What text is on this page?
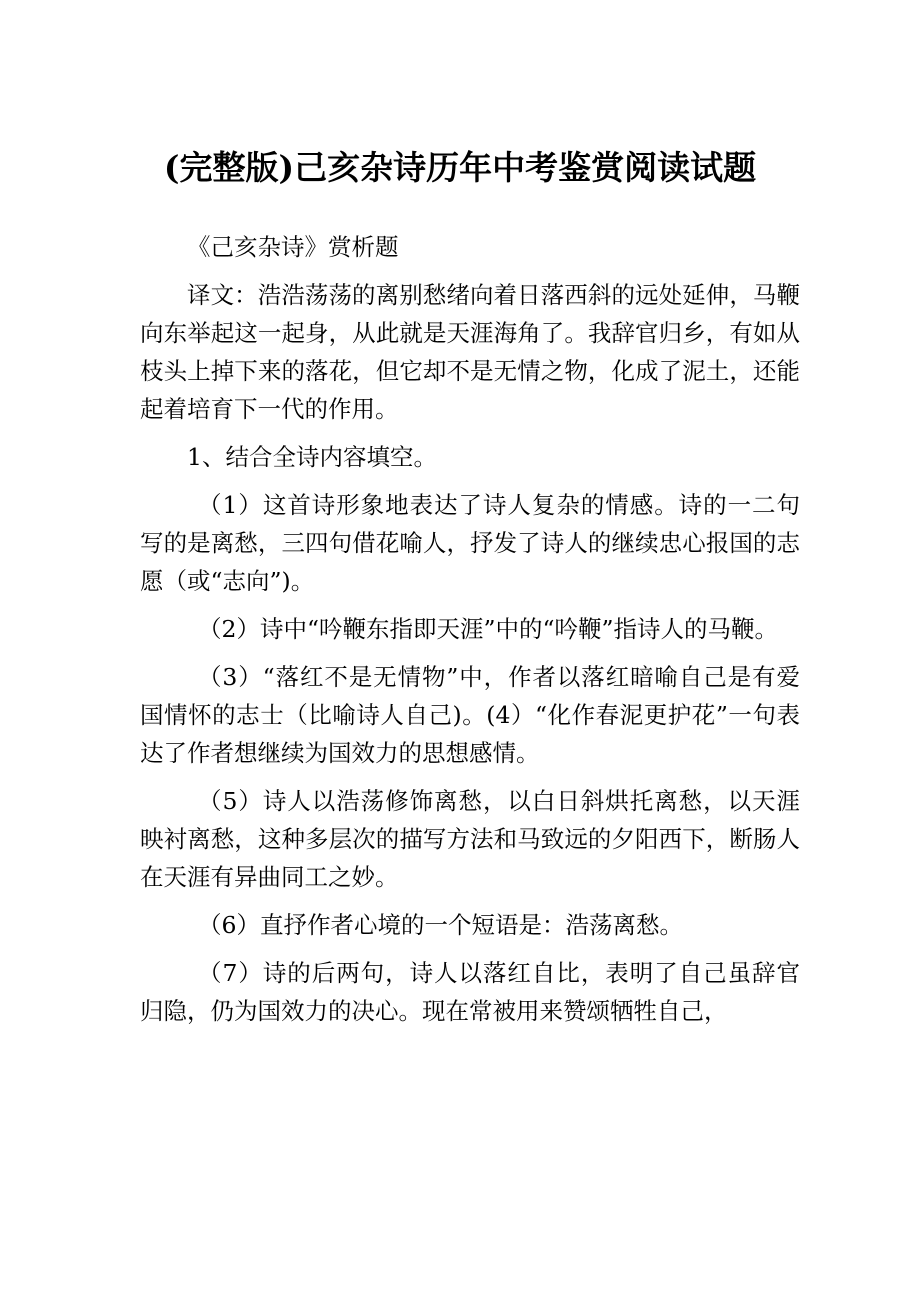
(完整版)己亥杂诗历年中考鉴赏阅读试题

《己亥杂诗》赏析题

译文：浩浩荡荡的离别愁绪向着日落西斜的远处延伸，马鞭向东举起这一起身，从此就是天涯海角了。我辞官归乡，有如从枝头上掉下来的落花，但它却不是无情之物，化成了泥土，还能起着培育下一代的作用。

1、结合全诗内容填空。

（1）这首诗形象地表达了诗人复杂的情感。诗的一二句写的是离愁，三四句借花喻人，抒发了诗人的继续忠心报国的志愿（或“志向”)。

（2）诗中“吟鞭东指即天涯”中的“吟鞭”指诗人的马鞭。

（3）“落红不是无情物”中，作者以落红暗喻自己是有爱国情怀的志士（比喻诗人自己)。(4）“化作春泥更护花”一句表达了作者想继续为国效力的思想感情。

（5）诗人以浩荡修饰离愁，以白日斜烘托离愁，以天涯映衬离愁，这种多层次的描写方法和马致远的夕阳西下，断肠人在天涯有异曲同工之妙。

（6）直抒作者心境的一个短语是：浩荡离愁。

（7）诗的后两句，诗人以落红自比，表明了自己虽辞官归隐，仍为国效力的决心。现在常被用来赞颂牺牲自己，
